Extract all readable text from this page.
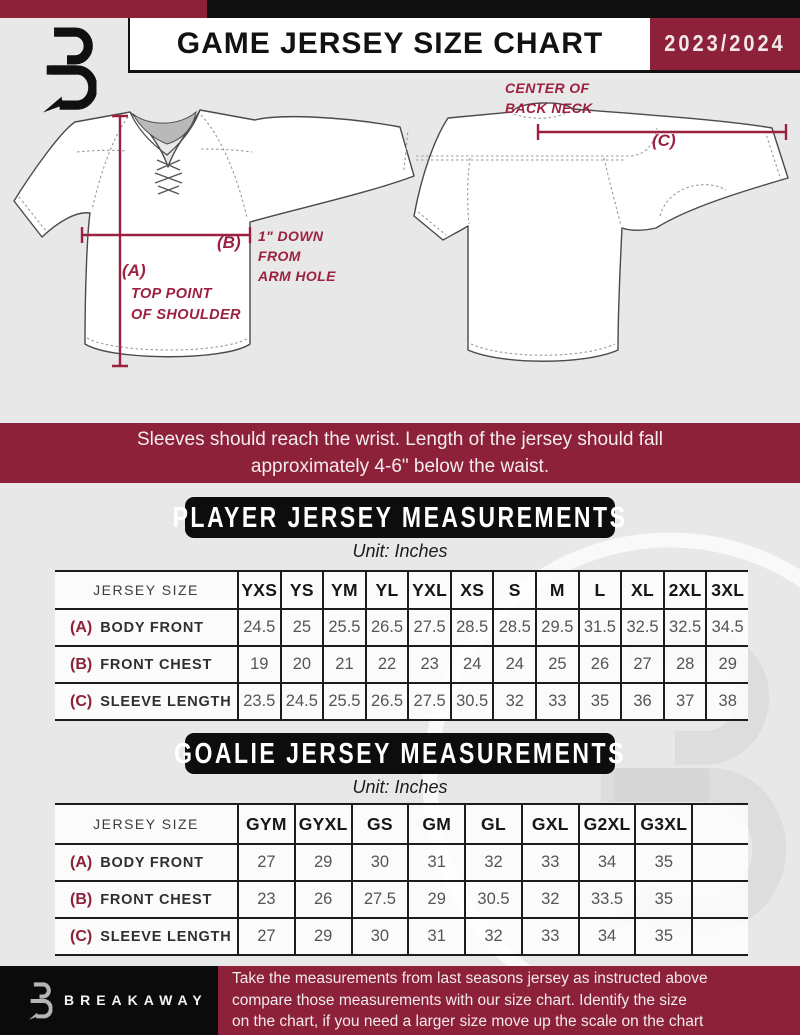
GAME JERSEY SIZE CHART	2023/2024
CENTER OF
BACK NECK
(C)
(B) 1" DOWN
FROM
ARM HOLE
(A)
TOP POINT
OF SHOULDER
Sleeves should reach the wrist. Length of the jersey should fall
approximately 4-6" below the waist.
PLAYER JERSEY MEASUREMENTS
Unit: Inches
JERSEY SIZE	YXS YS YM	YL YXL XS	S	M	L	XL 2XL 3XL
(A) BODY FRONT	24.5	25	25.5 26.5 27.5 28.5 28.5 29.5 31.5 32.5 32.5 34.5
(B) FRONT CHEST	19	20	21	22	23	24	24	25	26	27	28	29
(C) SLEEVE LENGTH 23.5 24.5 25.5 26.5 27.5 30.5	32	33	35	36	37	38
GOALIE JERSEY MEASUREMENTS
Unit: Inches
JERSEY SIZE	GYM GYXL	GS	GM	GL	GXL G2XL G3XL
(A) BODY FRONT	27	29	30	31	32	33	34	35
(B) FRONT CHEST	23	26	27.5	29	30.5	32	33.5	35
(C) SLEEVE LENGTH	27	29	30	31	32	33	34	35
BREAKAWAY
Take the measurements from last seasons jersey as instructed above
compare those measurements with our size chart. Identify the size
on the chart, if you need a larger size move up the scale on the chart
